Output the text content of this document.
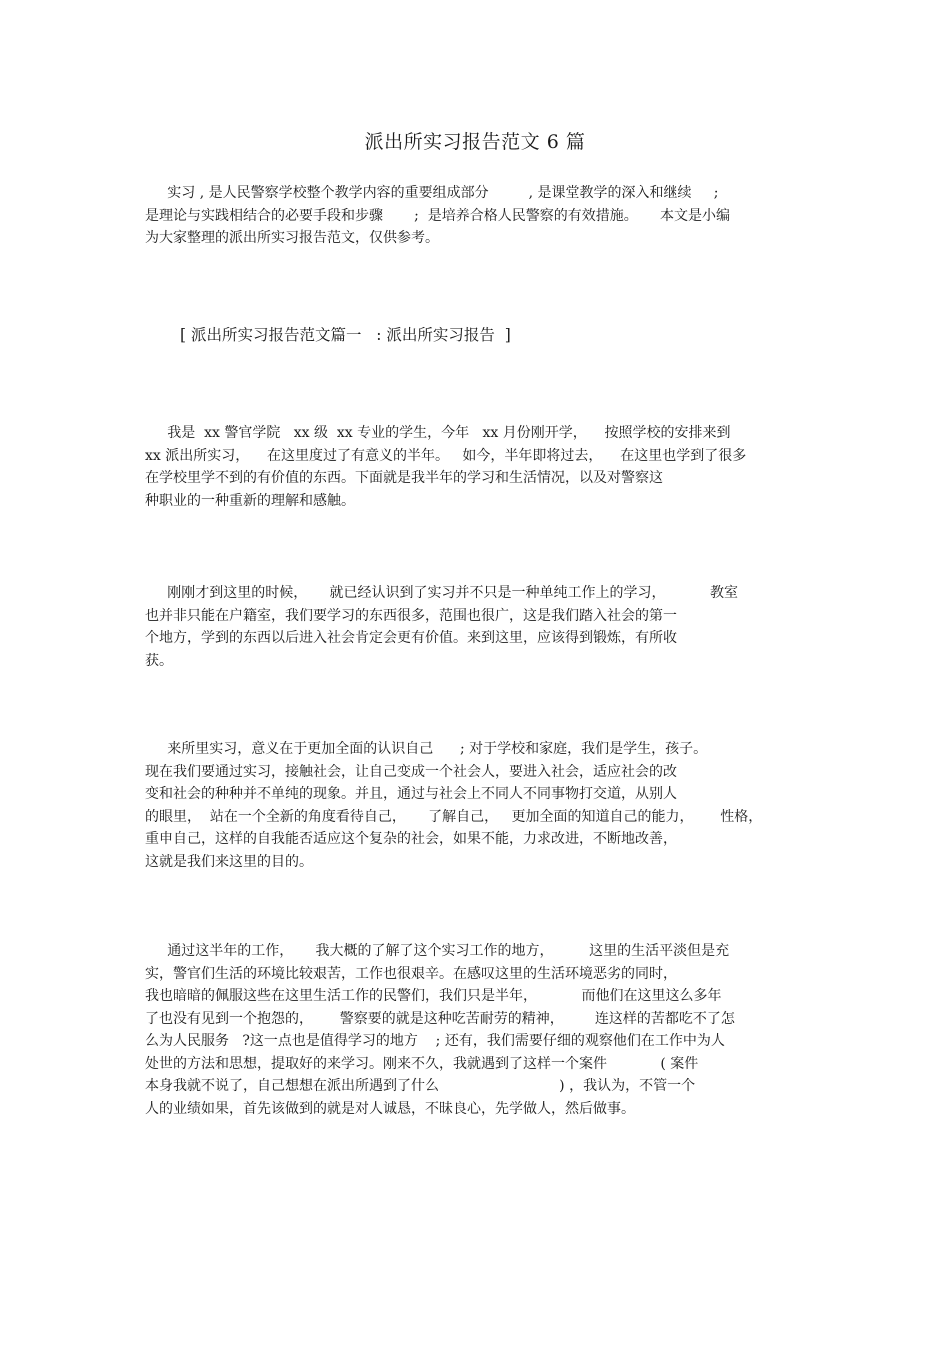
派出所实习报告范文 6 篇
实习 , 是人民警察学校整个教学内容的重要组成部分         , 是课堂教学的深入和继续     ;
是理论与实践相结合的必要手段和步骤       ;  是培养合格人民警察的有效措施。     本文是小编
为大家整理的派出所实习报告范文，仅供参考。
[ 派出所实习报告范文篇一   : 派出所实习报告  ]
我是  xx 警官学院   xx 级  xx 专业的学生，今年   xx 月份刚开学，    按照学校的安排来到
xx 派出所实习，    在这里度过了有意义的半年。   如今，半年即将过去，    在这里也学到了很多
在学校里学不到的有价值的东西。下面就是我半年的学习和生活情况，以及对警察这
种职业的一种重新的理解和感触。
刚刚才到这里的时候，     就已经认识到了实习并不只是一种单纯工作上的学习，          教室
也并非只能在户籍室，我们要学习的东西很多，范围也很广，这是我们踏入社会的第一
个地方，学到的东西以后进入社会肯定会更有价值。来到这里，应该得到锻炼，有所收
获。
来所里实习，意义在于更加全面的认识自己      ; 对于学校和家庭，我们是学生，孩子。
现在我们要通过实习，接触社会，让自己变成一个社会人，要进入社会，适应社会的改
变和社会的种种并不单纯的现象。并且，通过与社会上不同人不同事物打交道，从别人
的眼里，  站在一个全新的角度看待自己，     了解自己，   更加全面的知道自己的能力，      性格，
重申自己，这样的自我能否适应这个复杂的社会，如果不能，力求改进，不断地改善，
这就是我们来这里的目的。
通过这半年的工作，     我大概的了解了这个实习工作的地方，        这里的生活平淡但是充
实，警官们生活的环境比较艰苦，工作也很艰辛。在感叹这里的生活环境恶劣的同时，
我也暗暗的佩服这些在这里生活工作的民警们，我们只是半年，          而他们在这里这么多年
了也没有见到一个抱怨的，      警察要的就是这种吃苦耐劳的精神，       连这样的苦都吃不了怎
么为人民服务   ?这一点也是值得学习的地方    ; 还有，我们需要仔细的观察他们在工作中为人
处世的方法和思想，提取好的来学习。刚来不久，我就遇到了这样一个案件            ( 案件
本身我就不说了，自己想想在派出所遇到了什么                           ) ，我认为，不管一个
人的业绩如果，首先该做到的就是对人诚恳，不昧良心，先学做人，然后做事。
